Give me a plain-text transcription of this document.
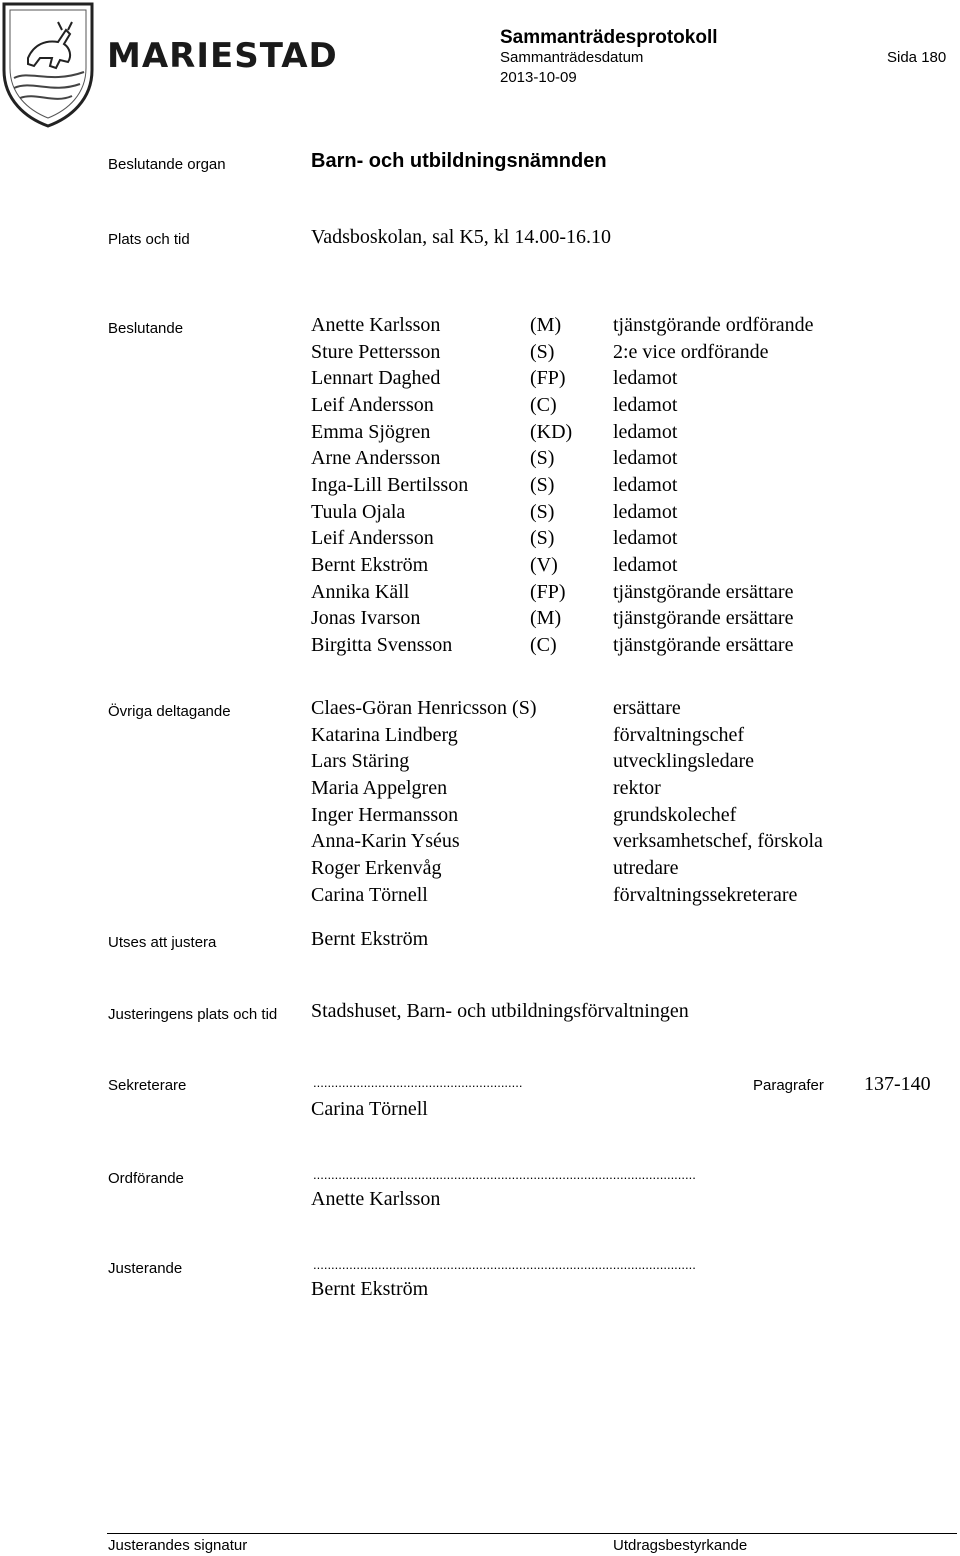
MARIESTAD	Sammanträdesprotokoll
Sammanträdesdatum	Sida 180
2013-10-09
Beslutande organ	Barn- och utbildningsnämnden
Plats och tid	Vadsboskolan, sal K5, kl 14.00-16.10
Beslutande	Anette Karlsson	(M)	tjänstgörande ordförande
Sture Pettersson	(S)	2:e vice ordförande
Lennart Daghed	(FP) ledamot
Leif Andersson	(C)	ledamot
Emma Sjögren	(KD) ledamot
Arne Andersson	(S)	ledamot
Inga-Lill Bertilsson	(S)	ledamot
Tuula Ojala	(S)	ledamot
Leif Andersson	(S)	ledamot
Bernt Ekström	(V)	ledamot
Annika Käll	(FP) tjänstgörande ersättare
Jonas Ivarson	(M)	tjänstgörande ersättare
Birgitta Svensson	(C)	tjänstgörande ersättare
Övriga deltagande	Claes-Göran Henricsson (S)	ersättare
Katarina Lindberg	förvaltningschef
Lars Stäring	utvecklingsledare
Maria Appelgren	rektor
Inger Hermansson	grundskolechef
Anna-Karin Yséus	verksamhetschef, förskola
Roger Erkenvåg	utredare
Carina Törnell	förvaltningssekreterare
Utses att justera	Bernt Ekström
Justeringens plats och tid Stadshuset, Barn- och utbildningsförvaltningen
Sekreterare	..........................................................	Paragrafer 137-140
Carina Törnell
Ordförande	..........................................................................................................
Anette Karlsson
Justerande	..........................................................................................................
Bernt Ekström
Justerandes signatur	Utdragsbestyrkande
